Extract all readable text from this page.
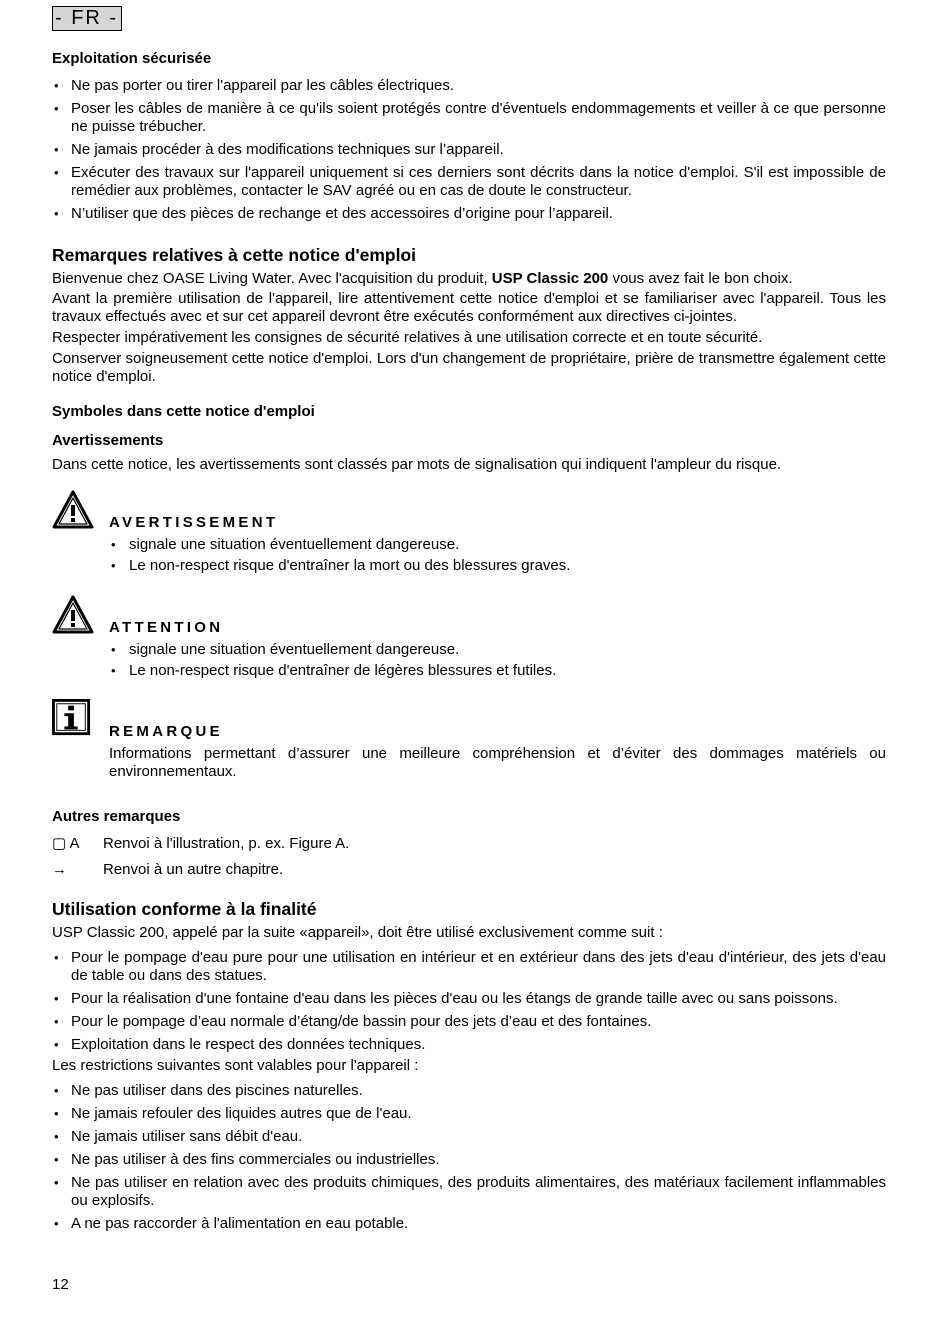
- FR -
Exploitation sécurisée
• Ne pas porter ou tirer l'appareil par les câbles électriques.
• Poser les câbles de manière à ce qu'ils soient protégés contre d'éventuels endommagements et veiller à ce que personne ne puisse trébucher.
• Ne jamais procéder à des modifications techniques sur l’appareil.
• Exécuter des travaux sur l'appareil uniquement si ces derniers sont décrits dans la notice d'emploi. S'il est impossible de remédier aux problèmes, contacter le SAV agréé ou en cas de doute le constructeur.
• N’utiliser que des pièces de rechange et des accessoires d’origine pour l’appareil.
Remarques relatives à cette notice d'emploi

Bienvenue chez OASE Living Water. Avec l'acquisition du produit, USP Classic 200 vous avez fait le bon choix.

Avant la première utilisation de l'appareil, lire attentivement cette notice d'emploi et se familiariser avec l'appareil. Tous les travaux effectués avec et sur cet appareil devront être exécutés conformément aux directives ci-jointes.

Respecter impérativement les consignes de sécurité relatives à une utilisation correcte et en toute sécurité.

Conserver soigneusement cette notice d'emploi. Lors d'un changement de propriétaire, prière de transmettre également cette notice d'emploi.

Symboles dans cette notice d'emploi
Avertissements

Dans cette notice, les avertissements sont classés par mots de signalisation qui indiquent l'ampleur du risque.

AVERTISSEMENT
• signale une situation éventuellement dangereuse.
• Le non-respect risque d'entraîner la mort ou des blessures graves.
ATTENTION
• signale une situation éventuellement dangereuse.
• Le non-respect risque d'entraîner de légères blessures et futiles.
REMARQUE

Informations permettant d’assurer une meilleure compréhension et d’éviter des dommages matériels ou environnementaux.

Autres remarques
▢ A Renvoi à l'illustration, p. ex. Figure A.
→ Renvoi à un autre chapitre.
Utilisation conforme à la finalité

USP Classic 200, appelé par la suite «appareil», doit être utilisé exclusivement comme suit :

• Pour le pompage d'eau pure pour une utilisation en intérieur et en extérieur dans des jets d'eau d'intérieur, des jets d'eau de table ou dans des statues.
• Pour la réalisation d'une fontaine d'eau dans les pièces d'eau ou les étangs de grande taille avec ou sans poissons.
• Pour le pompage d’eau normale d’étang/de bassin pour des jets d’eau et des fontaines.
• Exploitation dans le respect des données techniques.

Les restrictions suivantes sont valables pour l'appareil :

• Ne pas utiliser dans des piscines naturelles.
• Ne jamais refouler des liquides autres que de l'eau.
• Ne jamais utiliser sans débit d'eau.
• Ne pas utiliser à des fins commerciales ou industrielles.
• Ne pas utiliser en relation avec des produits chimiques, des produits alimentaires, des matériaux facilement inflammables ou explosifs.
• A ne pas raccorder à l'alimentation en eau potable.
12
